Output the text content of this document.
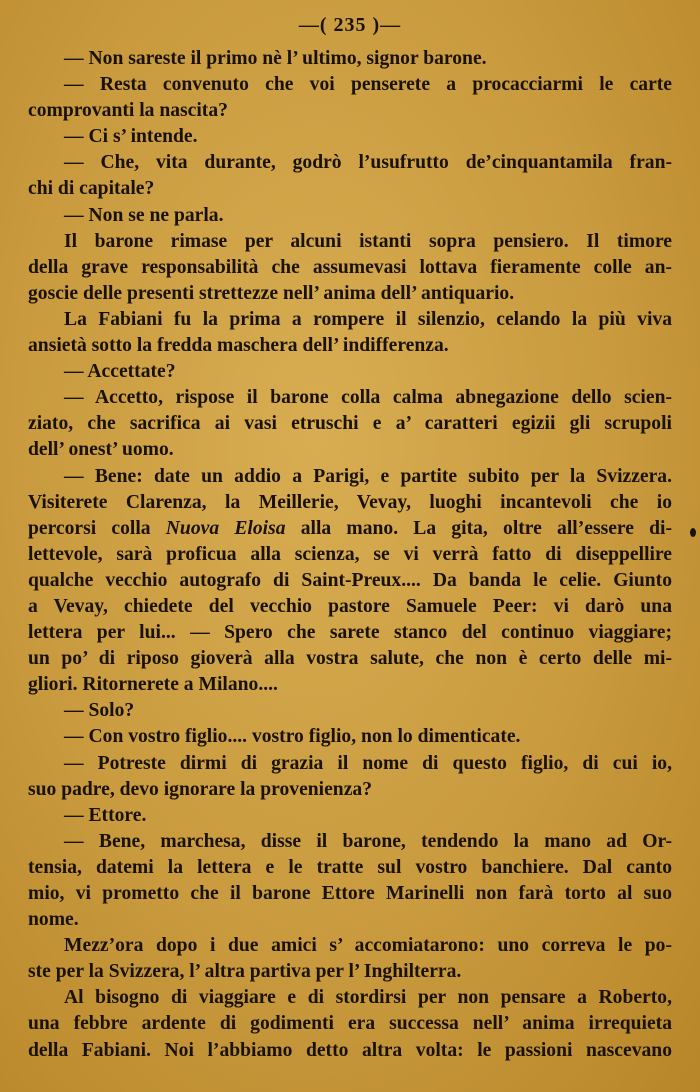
—( 235 )—
— Non sareste il primo nè l’ ultimo, signor barone.
— Resta convenuto che voi penserete a procacciarmi le carte
comprovanti la nascita?
— Ci s’ intende.
— Che, vita durante, godrò l’usufrutto de’cinquantamila fran-
chi di capitale?
— Non se ne parla.
Il barone rimase per alcuni istanti sopra pensiero. Il timore
della grave responsabilità che assumevasi lottava fieramente colle an-
goscie delle presenti strettezze nell’ anima dell’ antiquario.
La Fabiani fu la prima a rompere il silenzio, celando la più viva
ansietà sotto la fredda maschera dell’ indifferenza.
— Accettate?
— Accetto, rispose il barone colla calma abnegazione dello scien-
ziato, che sacrifica ai vasi etruschi e a’ caratteri egizii gli scrupoli
dell’ onest’ uomo.
— Bene: date un addio a Parigi, e partite subito per la Svizzera.
Visiterete Clarenza, la Meillerie, Vevay, luoghi incantevoli che io
percorsi colla Nuova Eloisa alla mano. La gita, oltre all’essere di-
lettevole, sarà proficua alla scienza, se vi verrà fatto di diseppellire
qualche vecchio autografo di Saint-Preux.... Da banda le celie. Giunto
a Vevay, chiedete del vecchio pastore Samuele Peer: vi darò una
lettera per lui... — Spero che sarete stanco del continuo viaggiare;
un po’ di riposo gioverà alla vostra salute, che non è certo delle mi-
gliori. Ritornerete a Milano....
— Solo?
— Con vostro figlio.... vostro figlio, non lo dimenticate.
— Potreste dirmi di grazia il nome di questo figlio, di cui io,
suo padre, devo ignorare la provenienza?
— Ettore.
— Bene, marchesa, disse il barone, tendendo la mano ad Or-
tensia, datemi la lettera e le tratte sul vostro banchiere. Dal canto
mio, vi prometto che il barone Ettore Marinelli non farà torto al suo
nome.
Mezz’ora dopo i due amici s’ accomiatarono: uno correva le po-
ste per la Svizzera, l’ altra partiva per l’ Inghilterra.
Al bisogno di viaggiare e di stordirsi per non pensare a Roberto,
una febbre ardente di godimenti era successa nell’ anima irrequieta
della Fabiani. Noi l’abbiamo detto altra volta: le passioni nascevano
